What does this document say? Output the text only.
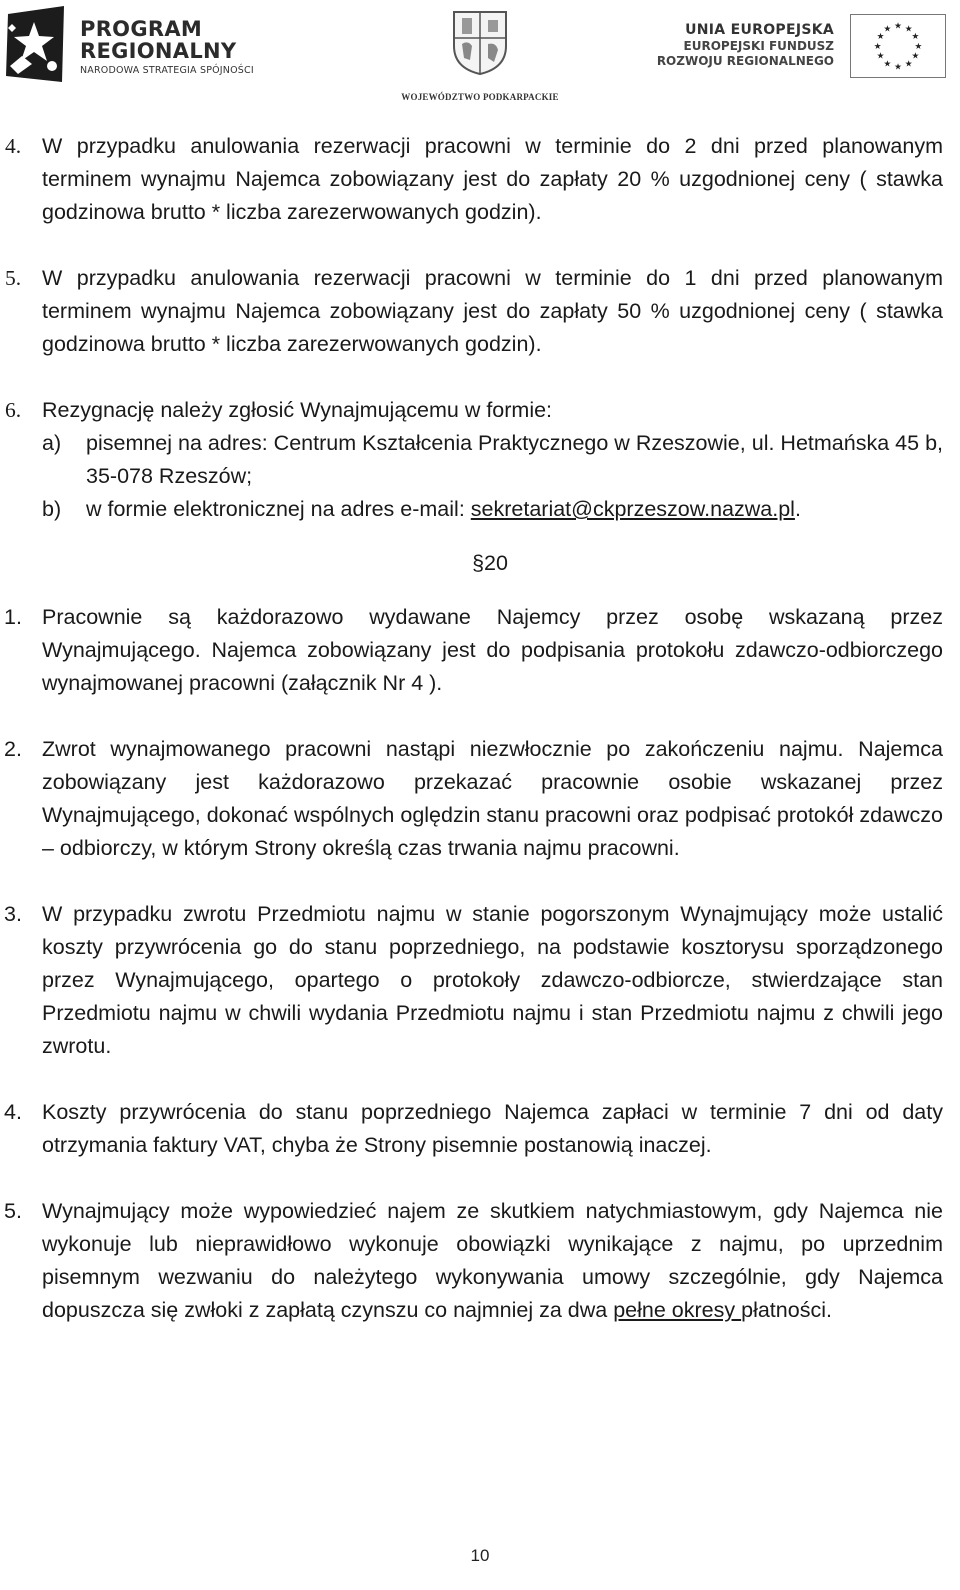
PROGRAM
REGIONALNY
NARODOWA STRATEGIA SPÓJNOŚCI
WOJEWÓDZTWO PODKARPACKIE
UNIA EUROPEJSKA
EUROPEJSKI FUNDUSZ
ROZWOJU REGIONALNEGO
★ ★
★
★
★
★
★
★
★
★
★
★
4. W przypadku anulowania rezerwacji pracowni w terminie do 2 dni przed planowanym terminem wynajmu Najemca zobowiązany jest do zapłaty 20 % uzgodnionej ceny ( stawka godzinowa brutto * liczba zarezerwowanych godzin).
5. W przypadku anulowania rezerwacji pracowni w terminie do 1 dni przed planowanym terminem wynajmu Najemca zobowiązany jest do zapłaty 50 % uzgodnionej ceny ( stawka godzinowa brutto * liczba zarezerwowanych godzin).
6. Rezygnację należy zgłosić Wynajmującemu w formie:
a) pisemnej na adres: Centrum Kształcenia Praktycznego w Rzeszowie, ul. Hetmańska 45 b, 35-078 Rzeszów;
b) w formie elektronicznej na adres e-mail: sekretariat@ckprzeszow.nazwa.pl.
§20
1. Pracownie są każdorazowo wydawane Najemcy przez osobę wskazaną przez Wynajmującego. Najemca zobowiązany jest do podpisania protokołu zdawczo-odbiorczego wynajmowanej pracowni (załącznik Nr 4 ).
2. Zwrot wynajmowanego pracowni nastąpi niezwłocznie po zakończeniu najmu. Najemca zobowiązany jest każdorazowo przekazać pracownie osobie wskazanej przez Wynajmującego, dokonać wspólnych oględzin stanu pracowni oraz podpisać protokół zdawczo – odbiorczy, w którym Strony określą czas trwania najmu pracowni.
3. W przypadku zwrotu Przedmiotu najmu w stanie pogorszonym Wynajmujący może ustalić koszty przywrócenia go do stanu poprzedniego, na podstawie kosztorysu sporządzonego przez Wynajmującego, opartego o protokoły zdawczo-odbiorcze, stwierdzające stan Przedmiotu najmu w chwili wydania Przedmiotu najmu i stan Przedmiotu najmu z chwili jego zwrotu.
4. Koszty przywrócenia do stanu poprzedniego Najemca zapłaci w terminie 7 dni od daty otrzymania faktury VAT, chyba że Strony pisemnie postanowią inaczej.
5. Wynajmujący może wypowiedzieć najem ze skutkiem natychmiastowym, gdy Najemca nie wykonuje lub nieprawidłowo wykonuje obowiązki wynikające z najmu, po uprzednim pisemnym wezwaniu do należytego wykonywania umowy szczególnie, gdy Najemca dopuszcza się zwłoki z zapłatą czynszu co najmniej za dwa pełne okresy płatności.
10
